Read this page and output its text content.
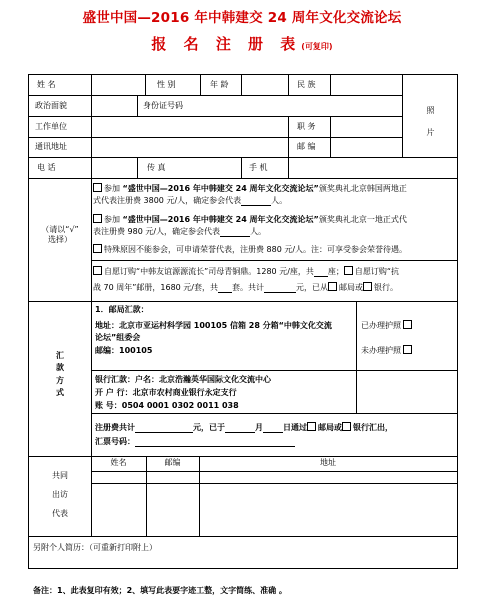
盛世中国—2016 年中韩建交 24 周年文化交流论坛
报 名 注 册 表(可复印)
姓 名	性 别	年 龄	民 族
照

片
政治面貌	身份证号码
工作单位	职 务
通讯地址	邮 编
电 话	传 真	手 机
（请以“√”
选择）
参加 “盛世中国—2016 年中韩建交 24 周年文化交流论坛”颁奖典礼北京韩国两地正
式代表注册费 3800 元/人，确定参会代表	人。
参加 “盛世中国—2016 年中韩建交 24 周年文化交流论坛”颁奖典礼北京一地正式代
表注册费 980 元/人，确定参会代表	人。
特殊原因不能参会，可申请荣誉代表，注册费 880 元/人。注：可享受参会荣誉待遇。
自愿订购“中韩友谊源源流长”司母青铜鼎。1280 元/座，共 座； 自愿订购“抗
战 70 周年”邮册，1680 元/套，共 套。共计	元，已从 邮局或 银行。
汇
款
方
式
1．邮局汇款：
地址：北京市亚运村科学园 100105 信箱 28 分箱“中韩文化交流
论坛”组委会
邮编：100105
已办理护照
未办理护照
银行汇款：户名：北京浩瀚英华国际文化交流中心
开 户 行：北京市农村商业银行永定支行
账 号：0504 0001 0302 0011 038
注册费共计	元，已于	月	日通过 邮局或 银行汇出，
汇票号码：
共同

出访

代表
姓名	邮编	地址
另附个人简历：（可重新打印附上）
备注：1、此表复印有效；2、填写此表要字迹工整，文字简练、准确 。
